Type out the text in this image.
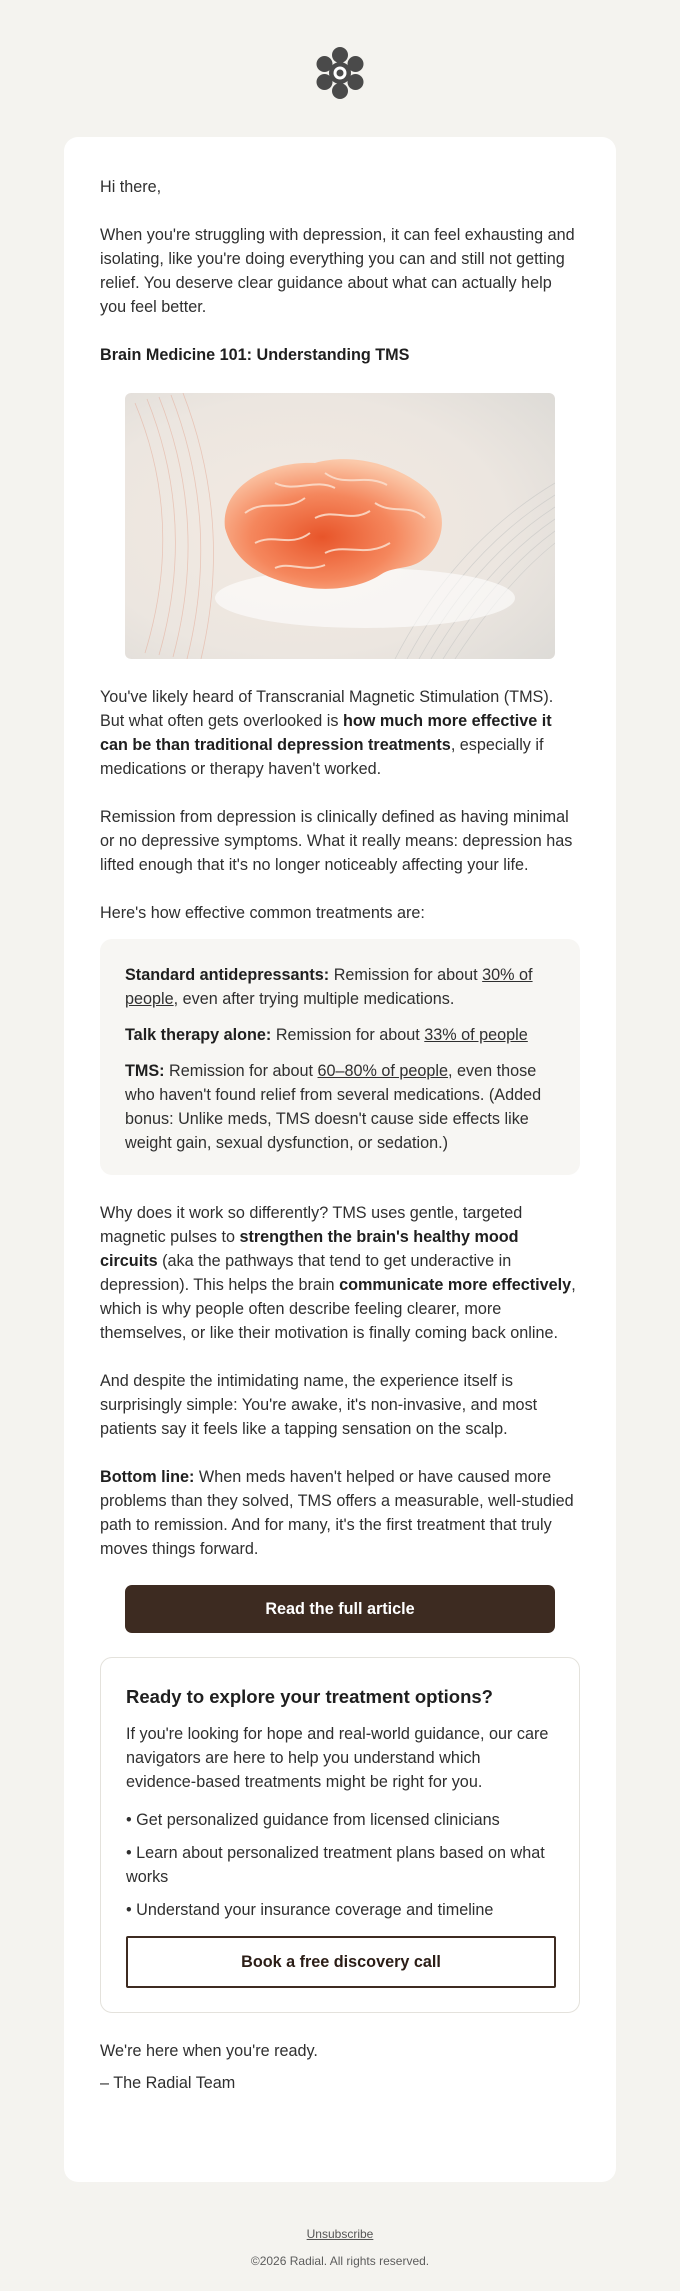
Hi there,

When you're struggling with depression, it can feel exhausting and isolating, like you're doing everything you can and still not getting relief. You deserve clear guidance about what can actually help you feel better.

Brain Medicine 101: Understanding TMS

You've likely heard of Transcranial Magnetic Stimulation (TMS). But what often gets overlooked is how much more effective it can be than traditional depression treatments, especially if medications or therapy haven't worked.

Remission from depression is clinically defined as having minimal or no depressive symptoms. What it really means: depression has lifted enough that it's no longer noticeably affecting your life.

Here's how effective common treatments are:

Standard antidepressants: Remission for about 30% of people, even after trying multiple medications.

Talk therapy alone: Remission for about 33% of people

TMS: Remission for about 60–80% of people, even those who haven't found relief from several medications. (Added bonus: Unlike meds, TMS doesn't cause side effects like weight gain, sexual dysfunction, or sedation.)

Why does it work so differently? TMS uses gentle, targeted magnetic pulses to strengthen the brain's healthy mood circuits (aka the pathways that tend to get underactive in depression). This helps the brain communicate more effectively, which is why people often describe feeling clearer, more themselves, or like their motivation is finally coming back online.

And despite the intimidating name, the experience itself is surprisingly simple: You're awake, it's non-invasive, and most patients say it feels like a tapping sensation on the scalp.

Bottom line: When meds haven't helped or have caused more problems than they solved, TMS offers a measurable, well-studied path to remission. And for many, it's the first treatment that truly moves things forward.

Read the full article
Ready to explore your treatment options?

If you're looking for hope and real-world guidance, our care navigators are here to help you understand which evidence-based treatments might be right for you.

• Get personalized guidance from licensed clinicians
• Learn about personalized treatment plans based on what works
• Understand your insurance coverage and timeline
Book a free discovery call

We're here when you're ready.

– The Radial Team

Unsubscribe
©2026 Radial. All rights reserved.
